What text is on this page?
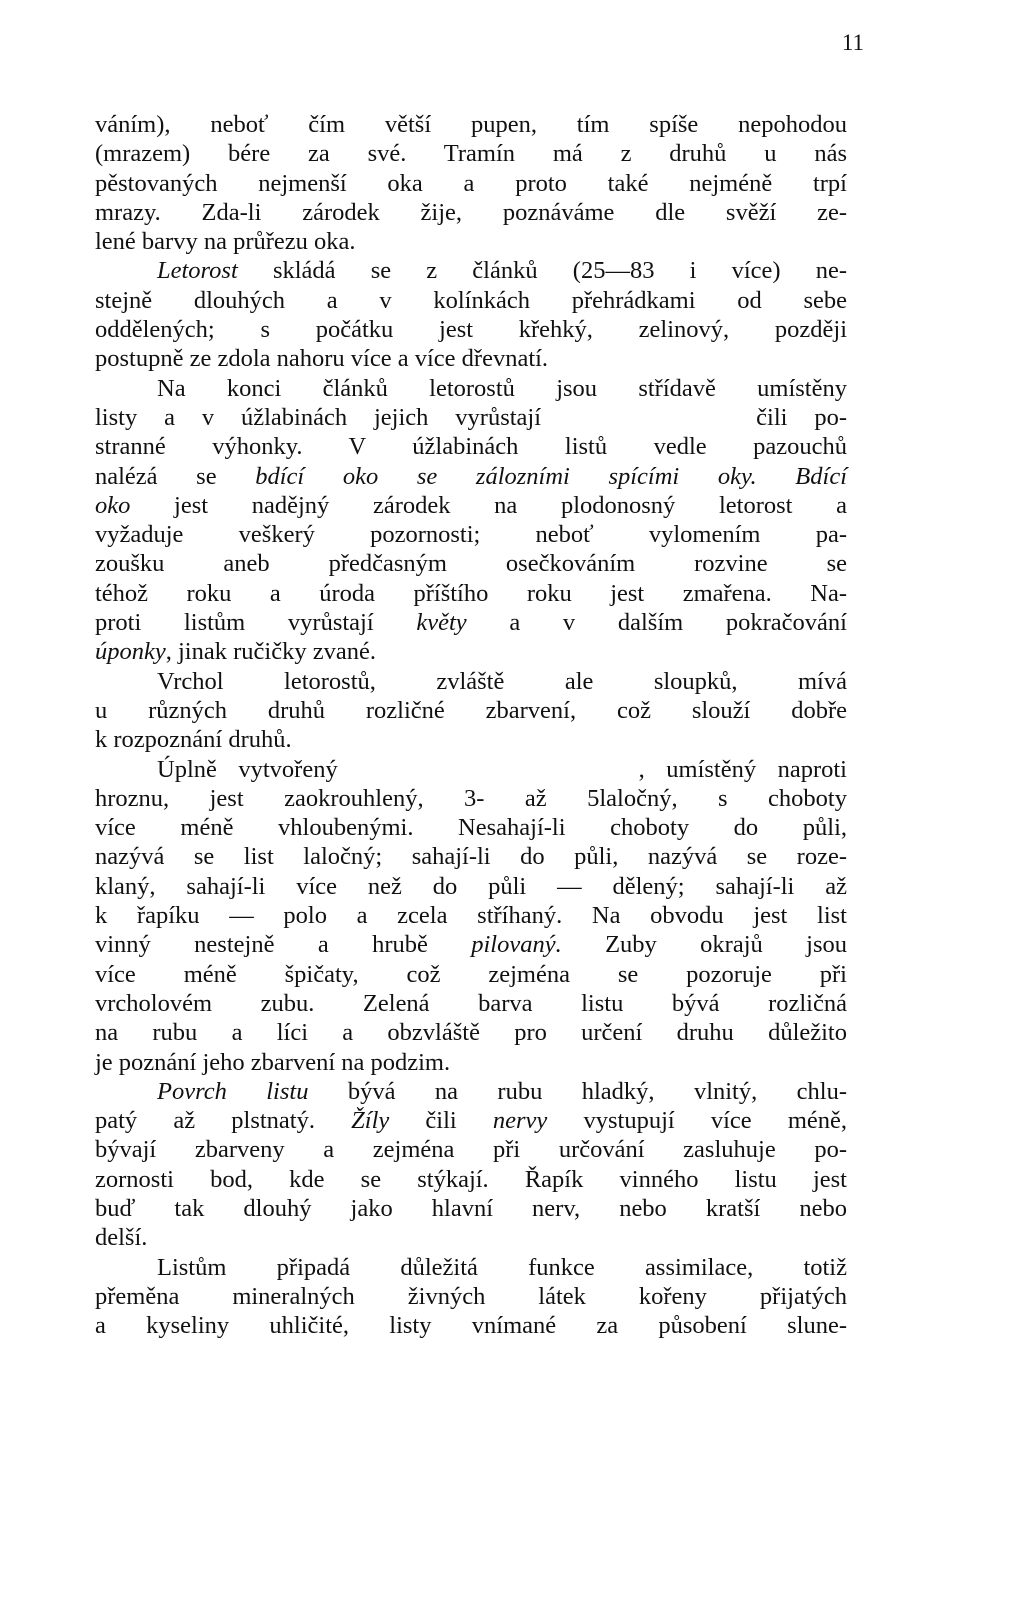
11
váním), neboť čím větší pupen, tím spíše nepohodou
(mrazem) bére za své. Tramín má z druhů u nás
pěstovaných nejmenší oka a proto také nejméně trpí
mrazy. Zda-li zárodek žije, poznáváme dle svěží ze-
lené barvy na průřezu oka.
Letorost skládá se z článků (25—83 i více) ne-
stejně dlouhých a v kolínkách přehrádkami od sebe
oddělených; s počátku jest křehký, zelinový, později
postupně ze zdola nahoru více a více dřevnatí.
Na konci článků letorostů jsou střídavě umístěny
listy a v úžlabinách jejich vyrůstají        čili po-
stranné výhonky. V úžlabinách listů vedle pazouchů
nalézá se bdící oko se zálozními spícími oky. Bdící
oko jest nadějný zárodek na plodonosný letorost a
vyžaduje veškerý pozornosti; neboť vylomením pa-
zoušku aneb předčasným osečkováním rozvine se
téhož roku a úroda příštího roku jest zmařena. Na-
proti listům vyrůstají květy a v dalším pokračování
úponky, jinak ručičky zvané.
Vrchol letorostů, zvláště ale sloupků, mívá
u různých druhů rozličné zbarvení, což slouží dobře
k rozpoznání druhů.
Úplně vytvořený              , umístěný naproti
hroznu, jest zaokrouhlený, 3- až 5laločný, s choboty
více méně vhloubenými. Nesahají-li choboty do půli,
nazývá se list laločný; sahají-li do půli, nazývá se roze-
klaný, sahají-li více než do půli — dělený; sahají-li až
k řapíku — polo a zcela stříhaný. Na obvodu jest list
vinný nestejně a hrubě pilovaný. Zuby okrajů jsou
více méně špičaty, což zejména se pozoruje při
vrcholovém zubu. Zelená barva listu bývá rozličná
na rubu a líci a obzvláště pro určení druhu důležito
je poznání jeho zbarvení na podzim.
Povrch listu bývá na rubu hladký, vlnitý, chlu-
patý až plstnatý. Žíly čili nervy vystupují více méně,
bývají zbarveny a zejména při určování zasluhuje po-
zornosti bod, kde se stýkají. Řapík vinného listu jest
buď tak dlouhý jako hlavní nerv, nebo kratší nebo
delší.
Listům připadá důležitá funkce assimilace, totiž
přeměna mineralných živných látek kořeny přijatých
a kyseliny uhličité, listy vnímané za působení slune-
